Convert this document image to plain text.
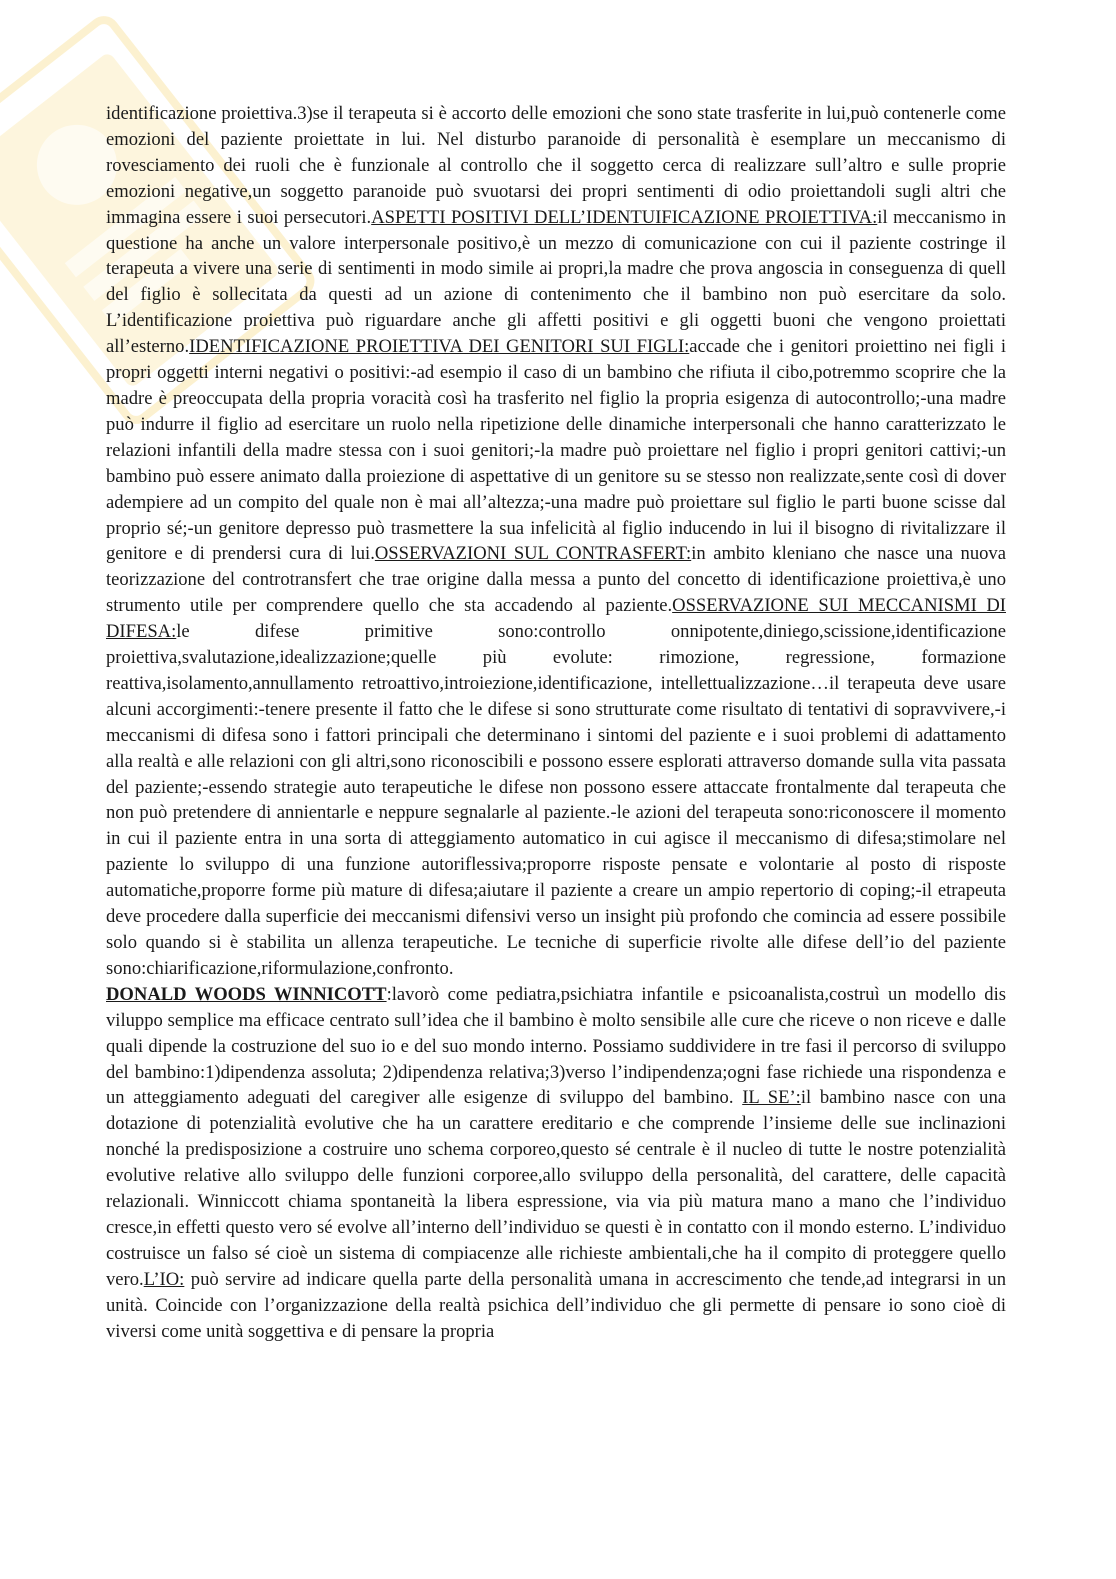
identificazione proiettiva.3)se il terapeuta si è accorto delle emozioni che sono state trasferite in lui,può contenerle come emozioni del paziente proiettate in lui. Nel disturbo paranoide di personalità è esemplare un meccanismo di rovesciamento dei ruoli che è funzionale al controllo che il soggetto cerca di realizzare sull’altro e sulle proprie emozioni negative,un soggetto paranoide può svuotarsi dei propri sentimenti di odio proiettandoli sugli altri che immagina essere i suoi persecutori.ASPETTI POSITIVI DELL’IDENTUIFICAZIONE PROIETTIVA:il meccanismo in questione ha anche un valore interpersonale positivo,è un mezzo di comunicazione con cui il paziente costringe il terapeuta a vivere una serie di sentimenti in modo simile ai propri,la madre che prova angoscia in conseguenza di quell del figlio è sollecitata da questi ad un azione di contenimento che il bambino non può esercitare da solo. L’identificazione proiettiva può riguardare anche gli affetti positivi e gli oggetti buoni che vengono proiettati all’esterno.IDENTIFICAZIONE PROIETTIVA DEI GENITORI SUI FIGLI:accade che i genitori proiettino nei figli i propri oggetti interni negativi o positivi:-ad esempio il caso di un bambino che rifiuta il cibo,potremmo scoprire che la madre è preoccupata della propria voracità così ha trasferito nel figlio la propria esigenza di autocontrollo;-una madre può indurre il figlio ad esercitare un ruolo nella ripetizione delle dinamiche interpersonali che hanno caratterizzato le relazioni infantili della madre stessa con i suoi genitori;-la madre può proiettare nel figlio i propri genitori cattivi;-un bambino può essere animato dalla proiezione di aspettative di un genitore su se stesso non realizzate,sente così di dover adempiere ad un compito del quale non è mai all’altezza;-una madre può proiettare sul figlio le parti buone scisse dal proprio sé;-un genitore depresso può trasmettere la sua infelicità al figlio inducendo in lui il bisogno di rivitalizzare il genitore e di prendersi cura di lui.OSSERVAZIONI SUL CONTRASFERT:in ambito kleniano che nasce una nuova teorizzazione del controtransfert che trae origine dalla messa a punto del concetto di identificazione proiettiva,è uno strumento utile per comprendere quello che sta accadendo al paziente.OSSERVAZIONE SUI MECCANISMI DI DIFESA:le difese primitive sono:controllo onnipotente,diniego,scissione,identificazione proiettiva,svalutazione,idealizzazione;quelle più evolute: rimozione, regressione, formazione reattiva,isolamento,annullamento retroattivo,introiezione,identificazione, intellettualizzazione…il terapeuta deve usare alcuni accorgimenti:-tenere presente il fatto che le difese si sono strutturate come risultato di tentativi di sopravvivere,-i meccanismi di difesa sono i fattori principali che determinano i sintomi del paziente e i suoi problemi di adattamento alla realtà e alle relazioni con gli altri,sono riconoscibili e possono essere esplorati attraverso domande sulla vita passata del paziente;-essendo strategie auto terapeutiche le difese non possono essere attaccate frontalmente dal terapeuta che non può pretendere di annientarle e neppure segnalarle al paziente.-le azioni del terapeuta sono:riconoscere il momento in cui il paziente entra in una sorta di atteggiamento automatico in cui agisce il meccanismo di difesa;stimolare nel paziente lo sviluppo di una funzione autoriflessiva;proporre risposte pensate e volontarie al posto di risposte automatiche,proporre forme più mature di difesa;aiutare il paziente a creare un ampio repertorio di coping;-il etrapeuta deve procedere dalla superficie dei meccanismi difensivi verso un insight più profondo che comincia ad essere possibile solo quando si è stabilita un allenza terapeutiche. Le tecniche di superficie rivolte alle difese dell’io del paziente sono:chiarificazione,riformulazione,confronto.

DONALD WOODS WINNICOTT:lavorò come pediatra,psichiatra infantile e psicoanalista,costruì un modello dis viluppo semplice ma efficace centrato sull’idea che il bambino è molto sensibile alle cure che riceve o non riceve e dalle quali dipende la costruzione del suo io e del suo mondo interno. Possiamo suddividere in tre fasi il percorso di sviluppo del bambino:1)dipendenza assoluta; 2)dipendenza relativa;3)verso l’indipendenza;ogni fase richiede una rispondenza e un atteggiamento adeguati del caregiver alle esigenze di sviluppo del bambino. IL SE’:il bambino nasce con una dotazione di potenzialità evolutive che ha un carattere ereditario e che comprende l’insieme delle sue inclinazioni nonché la predisposizione a costruire uno schema corporeo,questo sé centrale è il nucleo di tutte le nostre potenzialità evolutive relative allo sviluppo delle funzioni corporee,allo sviluppo della personalità, del carattere, delle capacità relazionali. Winniccott chiama spontaneità la libera espressione, via via più matura mano a mano che l’individuo cresce,in effetti questo vero sé evolve all’interno dell’individuo se questi è in contatto con il mondo esterno. L’individuo costruisce un falso sé cioè un sistema di compiacenze alle richieste ambientali,che ha il compito di proteggere quello vero.L’IO: può servire ad indicare quella parte della personalità umana in accrescimento che tende,ad integrarsi in un unità. Coincide con l’organizzazione della realtà psichica dell’individuo che gli permette di pensare io sono cioè di viversi come unità soggettiva e di pensare la propria
